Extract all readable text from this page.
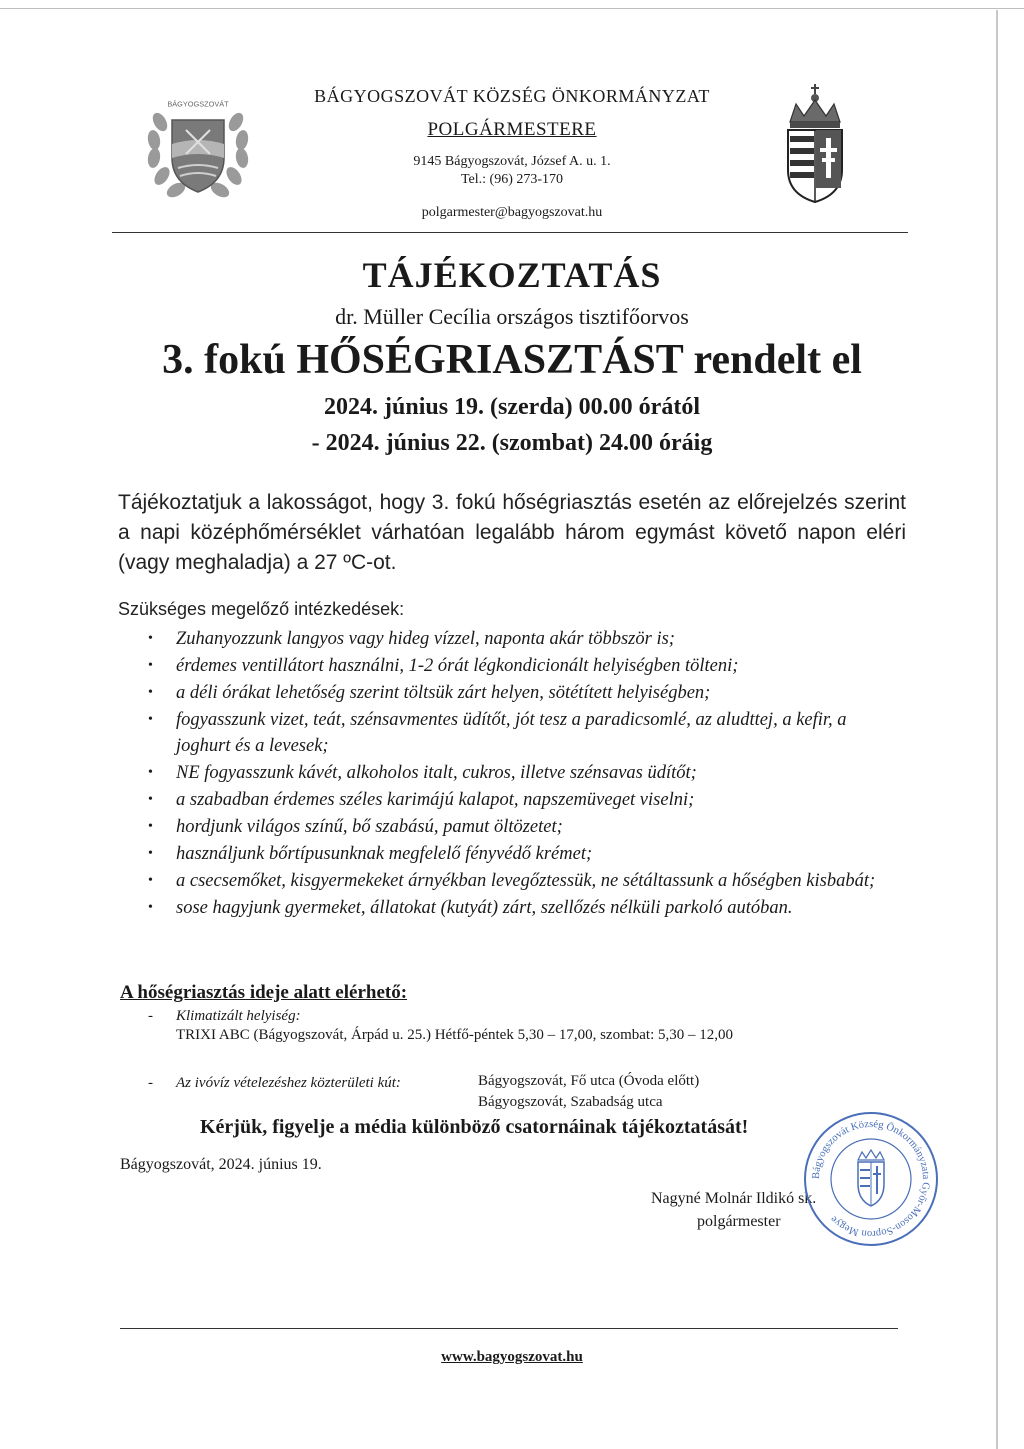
BÁGYOGSZOVÁT	BÁGYOGSZOVÁT KÖZSÉG ÖNKORMÁNYZAT
POLGÁRMESTERE
9145 Bágyogszovát, József A. u. 1.
Tel.: (96) 273-170
polgarmester@bagyogszovat.hu
TÁJÉKOZTATÁS
dr. Müller Cecília országos tisztifőorvos
3. fokú HŐSÉGRIASZTÁST rendelt el
2024. június 19. (szerda) 00.00 órától
- 2024. június 22. (szombat) 24.00 óráig
Tájékoztatjuk a lakosságot, hogy 3. fokú hőségriasztás esetén az előrejelzés szerint a napi középhőmérséklet várhatóan legalább három egymást követő napon eléri (vagy meghaladja) a 27 ºC-ot.
Szükséges megelőző intézkedések:
• Zuhanyozzunk langyos vagy hideg vízzel, naponta akár többször is;
• érdemes ventillátort használni, 1-2 órát légkondicionált helyiségben tölteni;
• a déli órákat lehetőség szerint töltsük zárt helyen, sötétített helyiségben;
• fogyasszunk vizet, teát, szénsavmentes üdítőt, jót tesz a paradicsomlé, az aludttej, a kefir, a joghurt és a levesek;
• NE fogyasszunk kávét, alkoholos italt, cukros, illetve szénsavas üdítőt;
• a szabadban érdemes széles karimájú kalapot, napszemüveget viselni;
• hordjunk világos színű, bő szabású, pamut öltözetet;
• használjunk bőrtípusunknak megfelelő fényvédő krémet;
• a csecsemőket, kisgyermekeket árnyékban levegőztessük, ne sétáltassunk a hőségben kisbabát;
• sose hagyjunk gyermeket, állatokat (kutyát) zárt, szellőzés nélküli parkoló autóban.
A hőségriasztás ideje alatt elérhető:
- Klimatizált helyiség:
TRIXI ABC (Bágyogszovát, Árpád u. 25.) Hétfő-péntek 5,30 – 17,00, szombat: 5,30 – 12,00
- Az ivóvíz vételezéshez közterületi kút:	Bágyogszovát, Fő utca (Óvoda előtt)
Bágyogszovát, Szabadság utca
Kérjük, figyelje a média különböző csatornáinak tájékoztatását!
Bágyogszovát, 2024. június 19.
Nagyné Molnár Ildikó sk.
polgármester
Bágyogszovát Község Önkormányzata Győr-Moson-Sopron Megye
www.bagyogszovat.hu
